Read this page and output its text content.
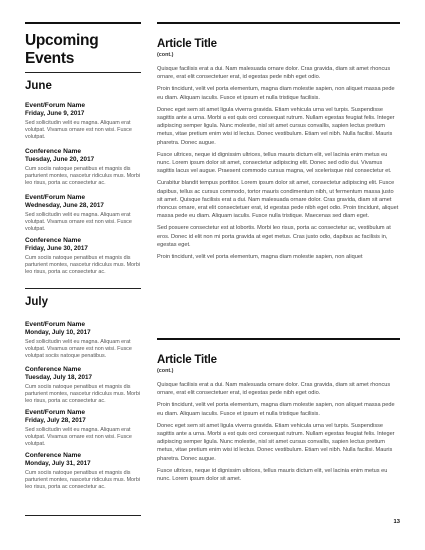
Upcoming Events
June
Event/Forum Name
Friday, June 9, 2017
Sed sollicitudin velit eu magna. Aliquam erat volutpat. Vivamus ornare est non wisi. Fusce volutpat.
Conference Name
Tuesday, June 20, 2017
Cum sociis natoque penatibus et magnis dis parturient montes, nascetur ridiculus mus. Morbi leo risus, porta ac consectetur ac.
Event/Forum Name
Wednesday, June 28, 2017
Sed sollicitudin velit eu magna. Aliquam erat volutpat. Vivamus ornare est non wisi. Fusce volutpat.
Conference Name
Friday, June 30, 2017
Cum sociis natoque penatibus et magnis dis parturient montes, nascetur ridiculus mus. Morbi leo risus, porta ac consectetur ac.
July
Event/Forum Name
Monday, July 10, 2017
Sed sollicitudin velit eu magna. Aliquam erat volutpat. Vivamus ornare est non wisi. Fusce volutpat sociis natoque penatibus.
Conference Name
Tuesday, July 18, 2017
Cum sociis natoque penatibus et magnis dis parturient montes, nascetur ridiculus mus. Morbi leo risus, porta ac consectetur ac.
Event/Forum Name
Friday, July 28, 2017
Sed sollicitudin velit eu magna. Aliquam erat volutpat. Vivamus ornare est non wisi. Fusce volutpat.
Conference Name
Monday, July 31, 2017
Cum sociis natoque penatibus et magnis dis parturient montes, nascetur ridiculus mus. Morbi leo risus, porta ac consectetur ac.
Article Title
(cont.)

Quisque facilisis erat a dui. Nam malesuada ornare dolor. Cras gravida, diam sit amet rhoncus ornare, erat elit consectetuer erat, id egestas pede nibh eget odio.

Proin tincidunt, velit vel porta elementum, magna diam molestie sapien, non aliquet massa pede eu diam. Aliquam iaculis. Fusce et ipsum et nulla tristique facilisis.

Donec eget sem sit amet ligula viverra gravida. Etiam vehicula urna vel turpis. Suspendisse sagittis ante a urna. Morbi a est quis orci consequat rutrum. Nullam egestas feugiat felis. Integer adipiscing semper ligula. Nunc molestie, nisl sit amet cursus convallis, sapien lectus pretium metus, vitae pretium enim wisi id lectus. Donec vestibulum. Etiam vel nibh. Nulla facilisi. Mauris pharetra. Donec augue.

Fusce ultrices, neque id dignissim ultrices, tellus mauris dictum elit, vel lacinia enim metus eu nunc. Lorem ipsum dolor sit amet, consectetur adipiscing elit. Donec sed odio dui. Vivamus sagittis lacus vel augue. Praesent commodo cursus magna, vel scelerisque nisl consectetur et.

Curabitur blandit tempus porttitor. Lorem ipsum dolor sit amet, consectetur adipiscing elit. Fusce dapibus, tellus ac cursus commodo, tortor mauris condimentum nibh, ut fermentum massa justo sit amet. Quisque facilisis erat a dui. Nam malesuada ornare dolor. Cras gravida, diam sit amet rhoncus ornare, erat elit consectetuer erat, id egestas pede nibh eget odio. Proin tincidunt, aliquet massa pede eu diam. Aliquam iaculis. Fusce nulla tristique. Maecenas sed diam eget.

Sed posuere consectetur est at lobortis. Morbi leo risus, porta ac consectetur ac, vestibulum at eros. Donec id elit non mi porta gravida at eget metus. Cras justo odio, dapibus ac facilisis in, egestas eget.

Proin tincidunt, velit vel porta elementum, magna diam molestie sapien, non aliquet

Article Title
(cont.)

Quisque facilisis erat a dui. Nam malesuada ornare dolor. Cras gravida, diam sit amet rhoncus ornare, erat elit consectetuer erat, id egestas pede nibh eget odio.

Proin tincidunt, velit vel porta elementum, magna diam molestie sapien, non aliquet massa pede eu diam. Aliquam iaculis. Fusce et ipsum et nulla tristique facilisis.

Donec eget sem sit amet ligula viverra gravida. Etiam vehicula urna vel turpis. Suspendisse sagittis ante a urna. Morbi a est quis orci consequat rutrum. Nullam egestas feugiat felis. Integer adipiscing semper ligula. Nunc molestie, nisl sit amet cursus convallis, sapien lectus pretium metus, vitae pretium enim wisi id lectus. Donec vestibulum. Etiam vel nibh. Nulla facilisi. Mauris pharetra. Donec augue.

Fusce ultrices, neque id dignissim ultrices, tellus mauris dictum elit, vel lacinia enim metus eu nunc. Lorem ipsum dolor sit amet.

13
